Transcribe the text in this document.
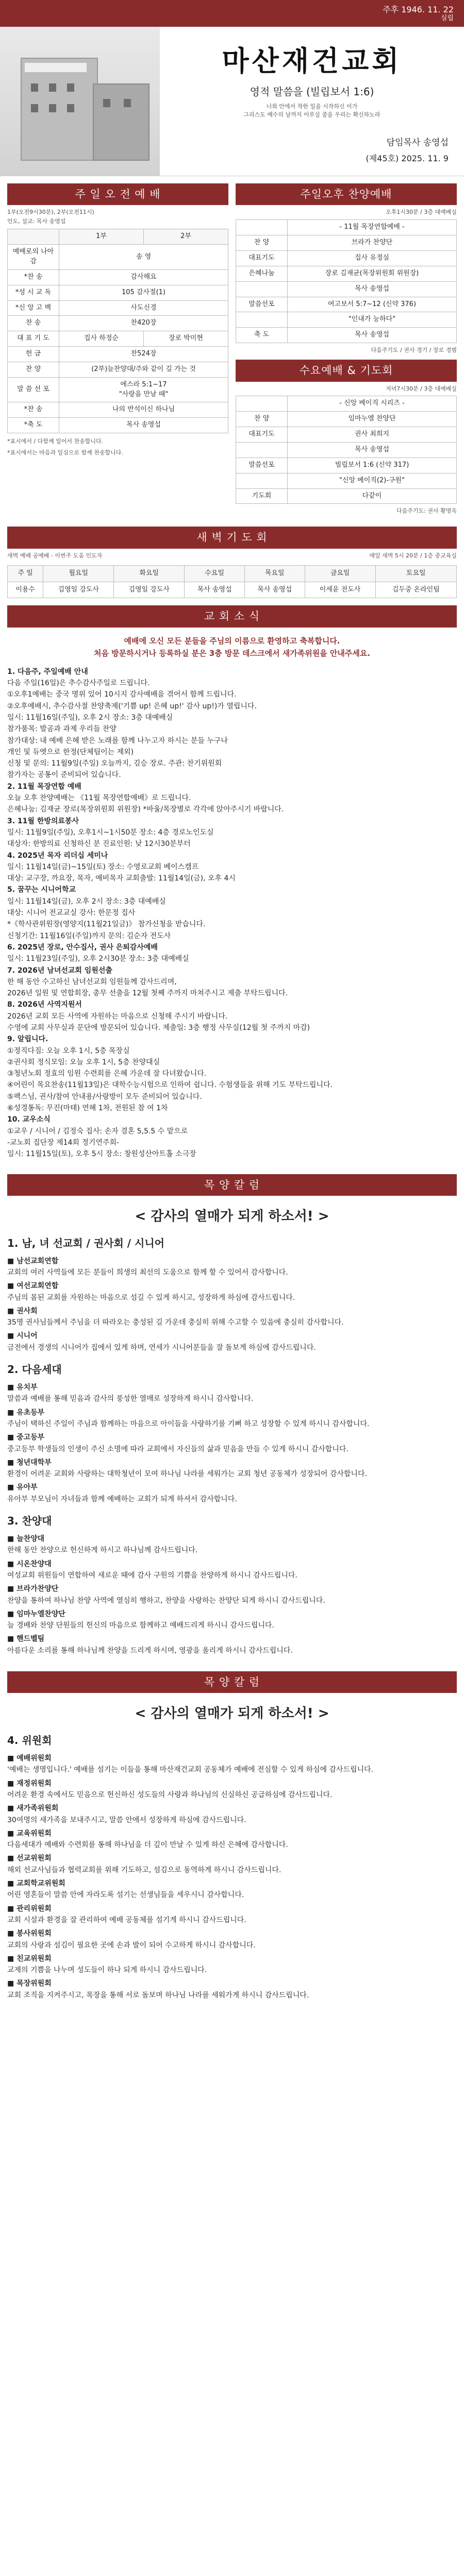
주후 1946. 11. 22
실립
마산재건교회
영적 말씀을 (빌립보서 1:6)
너희 안에서 착한 일을 시작하신 이가
그리스도 예수의 날까지 이루실 줄을 우리는 확신하노라
담임목사 송영섭
(제45호) 2025. 11. 9
주 일 오 전 예 배
1부(오전9시30분), 2부(오전11시)
인도, 설교: 목사 송영섭
	1부	2부
예배로의 나아감	송 영	
*찬 송	감사해요	
*성 시 교 독	105 감사절(1)	
*신 앙 고 백	사도신경	
찬 송	찬420장	
대 표 기 도	집사 하정순	장로 박미현
헌 금	찬524장	
찬 양	(2부)늘찬양대/주와 같이 길 가는 것	
말 씀 선 포	에스라 5:1~17
"사랑을 만날 때"	

*찬 송	나의 반석이신 하나님	
*축 도	목사 송영섭	
*표시에서 / 다함께 일어서 찬송합니다.
*표시에서는 마음과 일심으로 함께 찬송합니다.
주일오후 찬양예배
오후1시30분 / 3층 대예배실
	- 11월 목장연합예배 -
찬 양	브라가 찬양단
대표기도	집사 유정실
은혜나눔	장로 김재균(목장위원회 위원장)
	목사 송영섭
말씀선포	여고보서 5:7~12 (신약 376)
	"인내가 능하다"
축 도	목사 송영섭
다음주기도 / 권사 경기 / 장로 경범
수요예배 & 기도회
저녁7시30분 / 3층 대예배실
	- 신앙 베이직 시리즈 -
찬 양	임마누엘 찬양단
대표기도	권사 최희지
	목사 송영섭
말씀선포	빌립보서 1:6 (신약 317)
	"신앙 베이직(2)-구원"
기도회	다같이
다음주기도: 권사 황명옥
새 벽 기 도 회
새벽 예배 공예배 - 이번주 도움 인도자	매일 새벽 5시 20분 / 1층 중교육실
주 일	월요일	화요일	수요일	목요일	금요일	토요일
이용수	김영일 강도사	김영일 강도사	목사 송영섭	목사 송영섭	이세윤 전도사	김두중 온라인팀
교 회 소 식
예배에 오신 모든 분들을 주님의 이름으로 환영하고 축복합니다.
처음 방문하시거나 등록하실 분은 3층 방문 데스크에서 새가족위원을 안내주세요.

1. 다음주, 주일예배 안내

다음 주일(16일)은 추수감사주일로 드립니다.

①오후1예배는 중국 명위 있어 10시지 감사예배을 겪어서 함께 드립니다.

②오후예배시, 추수감사절 찬양축제('기쁨 up! 은혜 up!' 감사 up!)가 열립니다.

일시: 11월16일(주일), 오후 2시 장소: 3층 대예배실

참가품목: 발곰과 과제 우리들 찬양

참가대상: 내 예배 은혜 받은 노래를 함께 나누고자 하시는 분들 누구나

개인 및 듀엣으로 한정(단체팀이는 제외)

신청 및 문의: 11월9일(주일) 오늘까지, 김승 장로. 주관: 찬기위원회

참가자는 공통이 준비되어 있습니다.

2. 11월 목장연합 예배

오늘 오후 찬양예배는 《11월 목장연합예배》로 드립니다.

은혜나눔: 김재균 장로(목장위원회 위원장) *바울/목장별로 각각에 앉아주시기 바랍니다.

3. 11월 한방의료봉사

일시: 11월9일(주일), 오후1시~1시50분 장소: 4층 경로노인도실

대상자: 한방의료 신청하신 분 진료인원: 낮 12시30분부터

4. 2025년 목자 리더십 세미나

일시: 11월14일(금)~15일(토) 장소: 수영로교회 베이스캠프

대상: 교구장, 까요장, 목자, 예비목자 교회출발: 11월14일(금), 오후 4시

5. 꿈꾸는 시니어학교

일시: 11월14일(금), 오후 2시 장소: 3층 대예배실

대상: 시니어 전교교실 강사: 한문정 집사

*《학사관위원장(영양지(11월21일금)》 참가신청을 받습니다.

신청기간: 11월16일(주일)까지 문의: 김순자 전도사

6. 2025년 장로, 안수집사, 권사 은퇴감사예배

일시: 11월23일(주일), 오후 2시30분 장소: 3층 대예배실

7. 2026년 남녀선교회 임원선출

한 해 동안 수고하신 남녀선교회 임원들께 감사드리며,

2026년 일원 및 연합회장, 총무 선출을 12월 첫째 주까지 마쳐주시고 제출 부탁드립니다.

8. 2026년 사역지원서

2026년 교회 모든 사역에 자원하는 마음으로 신청해 주시기 바랍니다.

수영에 교회 사무실과 문단에 방문되어 있습니다. 제출일: 3층 행정 사무실(12월 첫 주까지 마감)

9. 알립니다.

①정직다짐: 오늘 오후 1시, 5층 목장실

②권사회 정식모임: 오늘 오후 1시, 5층 찬양대실

③청년노회 정효의 임원 수련회를 은혜 가운데 잘 다녀왔습니다.

④어린이 목요찬송(11월13일)은 대학수능시험으로 인하여 쉽니다. 수험생들을 위해 기도 부탁드립니다.

⑤팩스님, 권사/참여 안내용/사랑방이 모두 준비되어 있습니다.

⑥성경통독: 무진(마태) 연혜 1차, 전원된 참 여 1차

10. 교우소식

①교우 / 시니어 / 김정숙 집사: 손자 결혼 5,5.5 수 맡으로

-교노회 집단장 제14회 정기연주회-

일시: 11월15일(토), 오후 5시 장소: 창원성산아트홀 소극장

목 양 칼 럼
< 감사의 열매가 되게 하소서! >
1. 남, 녀 선교회 / 권사회 / 시니어

■ 남선교회연합

교회의 여러 사역들에 모든 분들이 희생의 최선의 도움으로 함께 할 수 있어서 감사합니다.

■ 여선교회연합

주님의 몸된 교회를 자원하는 마음으로 섬길 수 있게 하시고, 성장하게 하심에 감사드립니다.

■ 권사회

35명 권사님들께서 주님을 더 따라오는 충성된 길 가운데 충실히 위해 수고할 수 있음에 충실히 감사합니다.

■ 시니어

금전에서 경생의 시니어가 집에서 있게 하며, 연세가 시니어분들을 잘 돌보게 하심에 감사드립니다.

2. 다음세대

■ 유치부

말씀과 예배를 통해 믿음과 감사의 풍성한 열매로 성장하게 하시니 감사합니다.

■ 유초등부

주님이 택하신 주일이 주님과 함께하는 마음으로 아이들을 사랑하기를 기뻐 하고 성장할 수 있게 하시니 감사합니다.

■ 중고등부

중고등부 학생들의 인생이 주신 소명에 따라 교회에서 자신들의 삶과 믿음을 만들 수 있게 하시니 감사합니다.

■ 청년대학부

환경이 어려운 교회와 사랑하는 대학청년이 모여 하나님 나라를 세워가는 교회 청년 공동체가 성장되어 감사합니다.

■ 유아부

유아부 부모님이 자녀들과 함께 예배하는 교회가 되게 하셔서 감사합니다.

3. 찬양대

■ 늘찬양대

한해 동안 찬양으로 헌신하게 하시고 하나님께 감사드립니다.

■ 시온찬양대

여성교회 위원들이 연합하여 새로운 때에 감사 구원의 기쁨을 찬양하게 하시니 감사드립니다.

■ 브라가찬양단

찬양을 통하여 하나님 찬양 사역에 열심히 행하고, 찬양을 사랑하는 찬양단 되게 하시니 감사드립니다.

■ 임마누엘찬양단

늘 경배와 찬양 단원들의 헌신의 마음으로 함께하고 예배드리게 하시니 감사드립니다.

■ 핸드벨팀

아름다운 소리를 통해 하나님께 찬양을 드리게 하시며, 영광을 올리게 하시니 감사드립니다.

목 양 칼 럼
< 감사의 열매가 되게 하소서! >
4. 위원회

■ 예배위원회

'예배는 생명입니다.' 예배를 섬기는 이들을 통해 마산재건교회 공동체가 예배에 전심할 수 있게 하심에 감사드립니다.

■ 재정위원회

어려운 환경 속에서도 믿음으로 헌신하신 성도들의 사랑과 하나님의 신실하신 공급하심에 감사드립니다.

■ 새가족위원회

30여명의 새가족을 보내주시고, 말씀 안에서 성장하게 하심에 감사드립니다.

■ 교육위원회

다음세대가 예배와 수련회를 통해 하나님을 더 깊이 만날 수 있게 하신 은혜에 감사합니다.

■ 선교위원회

해외 선교사님들과 협력교회를 위해 기도하고, 섬김으로 동역하게 하시니 감사드립니다.

■ 교회학교위원회

어린 영혼들이 말씀 안에 자라도록 섬기는 선생님들을 세우시니 감사합니다.

■ 관리위원회

교회 시설과 환경을 잘 관리하여 예배 공동체를 섬기게 하시니 감사드립니다.

■ 봉사위원회

교회의 사랑과 섬김이 필요한 곳에 손과 발이 되어 수고하게 하시니 감사합니다.

■ 친교위원회

교제의 기쁨을 나누며 성도들이 하나 되게 하시니 감사드립니다.

■ 목장위원회

교회 조직을 지켜주시고, 목장을 통해 서로 돌보며 하나님 나라를 세워가게 하시니 감사드립니다.
